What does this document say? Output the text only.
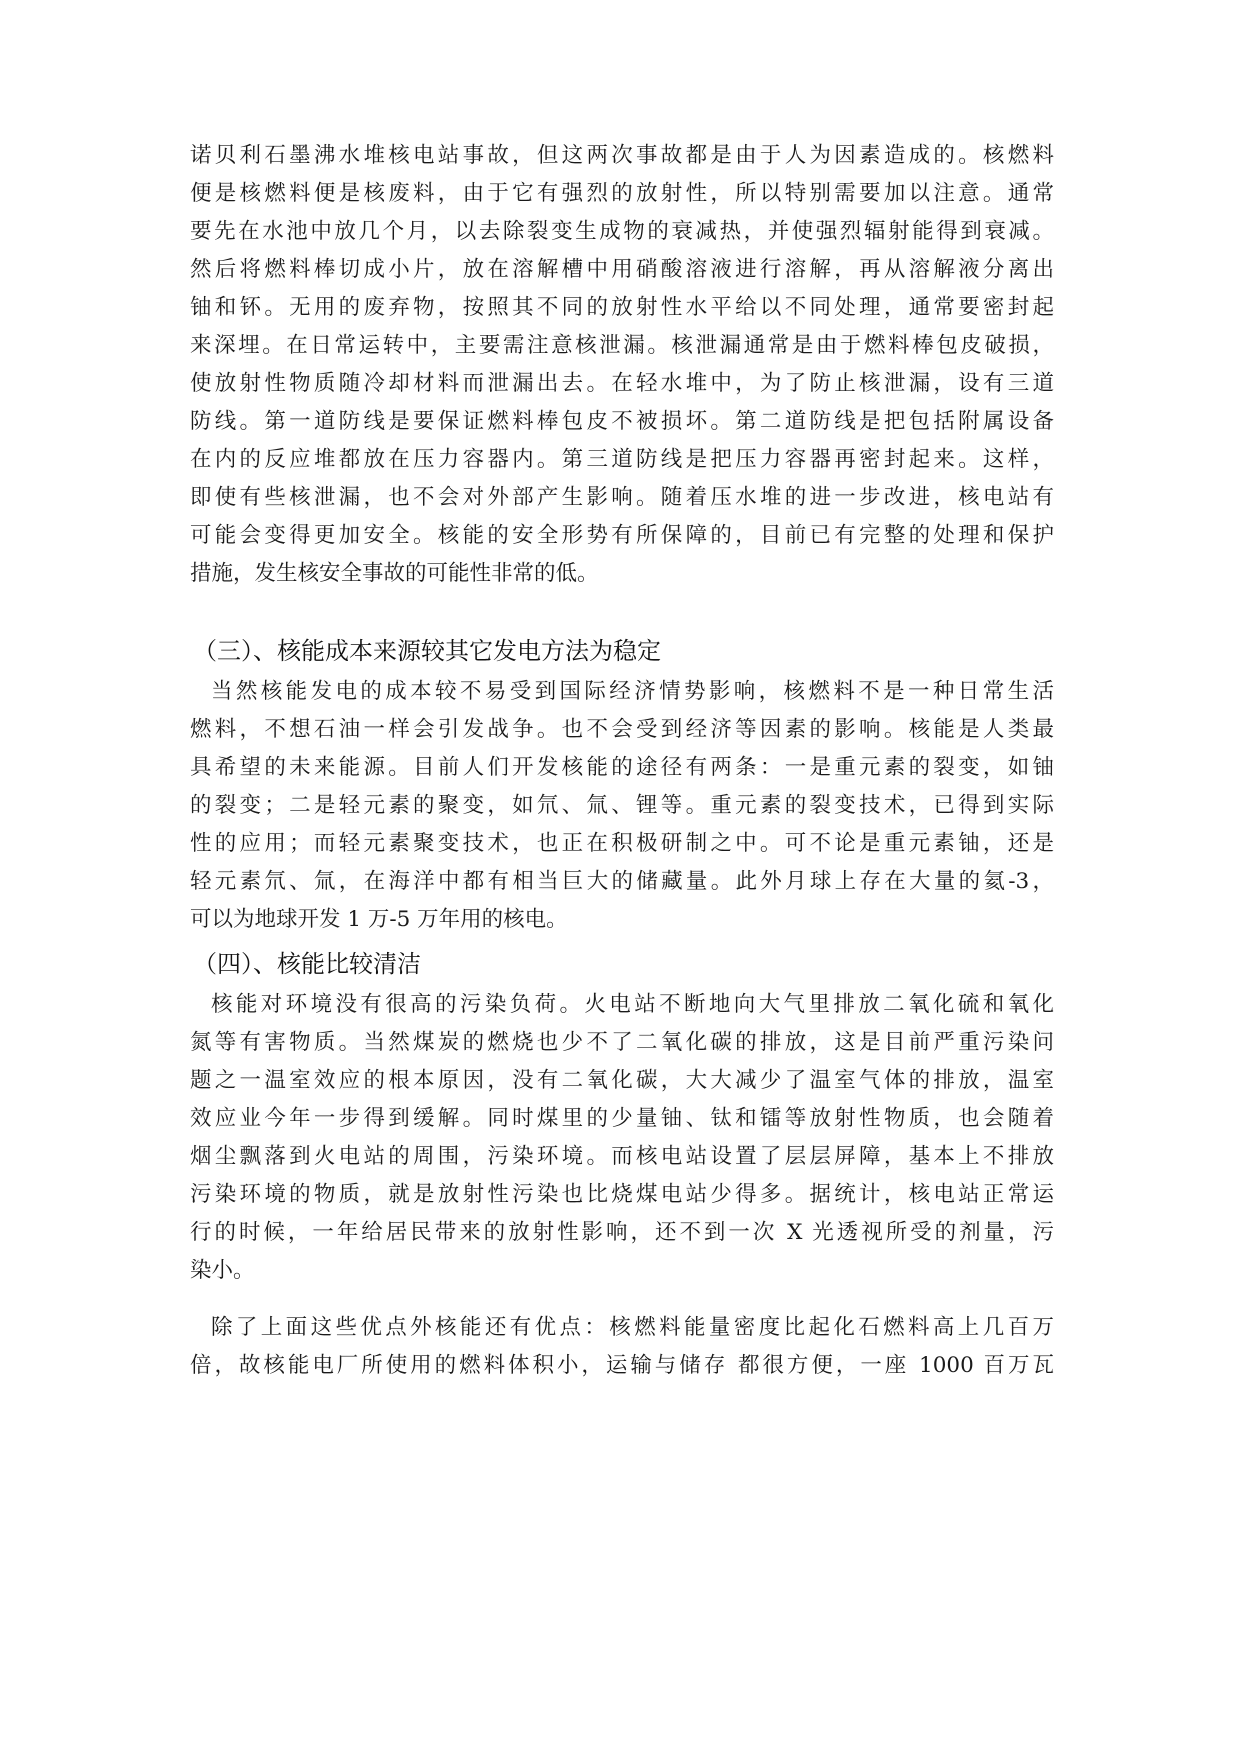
诺贝利石墨沸水堆核电站事故，但这两次事故都是由于人为因素造成的。核燃料
便是核燃料便是核废料，由于它有强烈的放射性，所以特别需要加以注意。通常
要先在水池中放几个月，以去除裂变生成物的衰减热，并使强烈辐射能得到衰减。
然后将燃料棒切成小片，放在溶解槽中用硝酸溶液进行溶解，再从溶解液分离出
铀和钚。无用的废弃物，按照其不同的放射性水平给以不同处理，通常要密封起
来深埋。在日常运转中，主要需注意核泄漏。核泄漏通常是由于燃料棒包皮破损，
使放射性物质随冷却材料而泄漏出去。在轻水堆中，为了防止核泄漏，设有三道
防线。第一道防线是要保证燃料棒包皮不被损坏。第二道防线是把包括附属设备
在内的反应堆都放在压力容器内。第三道防线是把压力容器再密封起来。这样，
即使有些核泄漏，也不会对外部产生影响。随着压水堆的进一步改进，核电站有
可能会变得更加安全。核能的安全形势有所保障的，目前已有完整的处理和保护
措施，发生核安全事故的可能性非常的低。
（三）、核能成本来源较其它发电方法为稳定
当然核能发电的成本较不易受到国际经济情势影响，核燃料不是一种日常生活
燃料，不想石油一样会引发战争。也不会受到经济等因素的影响。核能是人类最
具希望的未来能源。目前人们开发核能的途径有两条：一是重元素的裂变，如铀
的裂变；二是轻元素的聚变，如氘、氚、锂等。重元素的裂变技术，已得到实际
性的应用；而轻元素聚变技术，也正在积极研制之中。可不论是重元素铀，还是
轻元素氘、氚，在海洋中都有相当巨大的储藏量。此外月球上存在大量的氦-3，
可以为地球开发 1 万-5 万年用的核电。
（四）、核能比较清洁
核能对环境没有很高的污染负荷。火电站不断地向大气里排放二氧化硫和氧化
氮等有害物质。当然煤炭的燃烧也少不了二氧化碳的排放，这是目前严重污染问
题之一温室效应的根本原因，没有二氧化碳，大大减少了温室气体的排放，温室
效应业今年一步得到缓解。同时煤里的少量铀、钛和镭等放射性物质，也会随着
烟尘飘落到火电站的周围，污染环境。而核电站设置了层层屏障，基本上不排放
污染环境的物质，就是放射性污染也比烧煤电站少得多。据统计，核电站正常运
行的时候，一年给居民带来的放射性影响，还不到一次 X 光透视所受的剂量，污
染小。
除了上面这些优点外核能还有优点：核燃料能量密度比起化石燃料高上几百万
倍，故核能电厂所使用的燃料体积小，运输与储存 都很方便，一座 1000 百万瓦
